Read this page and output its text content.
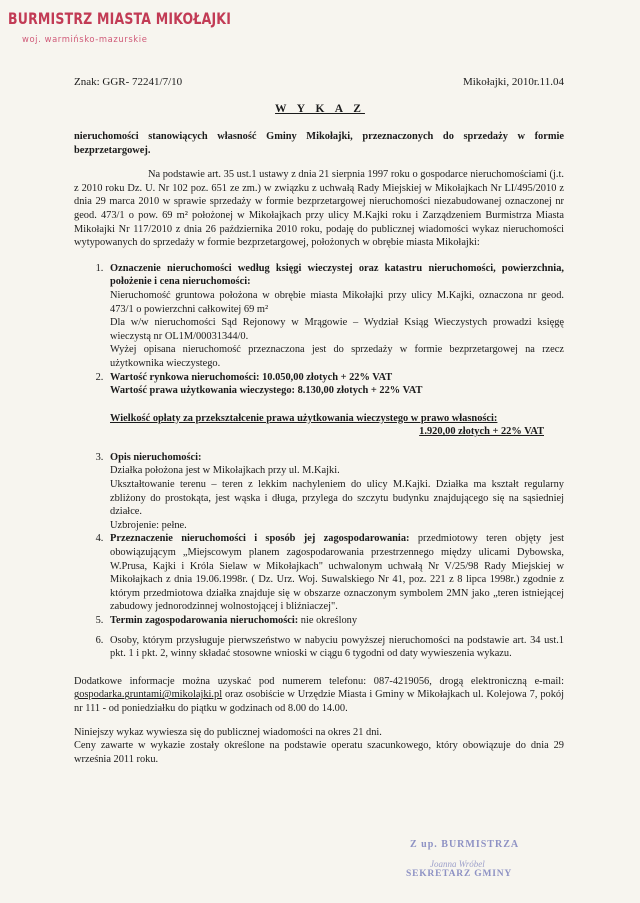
BURMISTRZ MIASTA MIKOŁAJKI
woj. warmińsko-mazurskie
Znak: GGR- 72241/7/10	Mikołajki, 2010r.11.04
W Y K A Z

nieruchomości stanowiących własność Gminy Mikołajki, przeznaczonych do sprzedaży w formie bezprzetargowej.

Na podstawie art. 35 ust.1 ustawy z dnia 21 sierpnia 1997 roku o gospodarce nieruchomościami (j.t. z 2010 roku Dz. U. Nr 102 poz. 651 ze zm.) w związku z uchwałą Rady Miejskiej w Mikołajkach Nr LI/495/2010 z dnia 29 marca 2010 w sprawie sprzedaży w formie bezprzetargowej nieruchomości niezabudowanej oznaczonej nr geod. 473/1 o pow. 69 m² położonej w Mikołajkach przy ulicy M.Kajki roku i Zarządzeniem Burmistrza Miasta Mikołajki Nr 117/2010 z dnia 26 października 2010 roku, podaję do publicznej wiadomości wykaz nieruchomości wytypowanych do sprzedaży w formie bezprzetargowej, położonych w obrębie miasta Mikołajki:

1. Oznaczenie nieruchomości według księgi wieczystej oraz katastru nieruchomości, powierzchnia, położenie i cena nieruchomości:

Nieruchomość gruntowa położona w obrębie miasta Mikołajki przy ulicy M.Kajki, oznaczona nr geod. 473/1 o powierzchni całkowitej 69 m²

Dla w/w nieruchomości Sąd Rejonowy w Mrągowie – Wydział Ksiąg Wieczystych prowadzi księgę wieczystą nr OL1M/00031344/0.

Wyżej opisana nieruchomość przeznaczona jest do sprzedaży w formie bezprzetargowej na rzecz użytkownika wieczystego.

2. Wartość rynkowa nieruchomości: 10.050,00 złotych + 22% VAT
Wartość prawa użytkowania wieczystego: 8.130,00 złotych + 22% VAT
Wielkość opłaty za przekształcenie prawa użytkowania wieczystego w prawo własności:
1.920,00 złotych + 22% VAT
3. Opis nieruchomości:

Działka położona jest w Mikołajkach przy ul. M.Kajki.

Ukształtowanie terenu – teren z lekkim nachyleniem do ulicy M.Kajki. Działka ma kształt regularny zbliżony do prostokąta, jest wąska i długa, przylega do szczytu budynku znajdującego się na sąsiedniej działce.

Uzbrojenie: pełne.

4. Przeznaczenie nieruchomości i sposób jej zagospodarowania: przedmiotowy teren objęty jest obowiązującym „Miejscowym planem zagospodarowania przestrzennego między ulicami Dybowska, W.Prusa, Kajki i Króla Sielaw w Mikołajkach" uchwalonym uchwałą Nr V/25/98 Rady Miejskiej w Mikołajkach z dnia 19.06.1998r. ( Dz. Urz. Woj. Suwalskiego Nr 41, poz. 221 z 8 lipca 1998r.) zgodnie z którym przedmiotowa działka znajduje się w obszarze oznaczonym symbolem 2MN jako „teren istniejącej zabudowy jednorodzinnej wolnostojącej i bliźniaczej".

5. Termin zagospodarowania nieruchomości: nie określony

6. Osoby, którym przysługuje pierwszeństwo w nabyciu powyższej nieruchomości na podstawie art. 34 ust.1 pkt. 1 i pkt. 2, winny składać stosowne wnioski w ciągu 6 tygodni od daty wywieszenia wykazu.

Dodatkowe informacje można uzyskać pod numerem telefonu: 087-4219056, drogą elektroniczną e-mail: gospodarka.gruntami@mikolajki.pl oraz osobiście w Urzędzie Miasta i Gminy w Mikołajkach ul. Kolejowa 7, pokój nr 111 - od poniedziałku do piątku w godzinach od 8.00 do 14.00.

Niniejszy wykaz wywiesza się do publicznej wiadomości na okres 21 dni.
Ceny zawarte w wykazie zostały określone na podstawie operatu szacunkowego, który obowiązuje do dnia 29 września 2011 roku.

Z up. BURMISTRZA
Joanna Wróbel
SEKRETARZ GMINY
